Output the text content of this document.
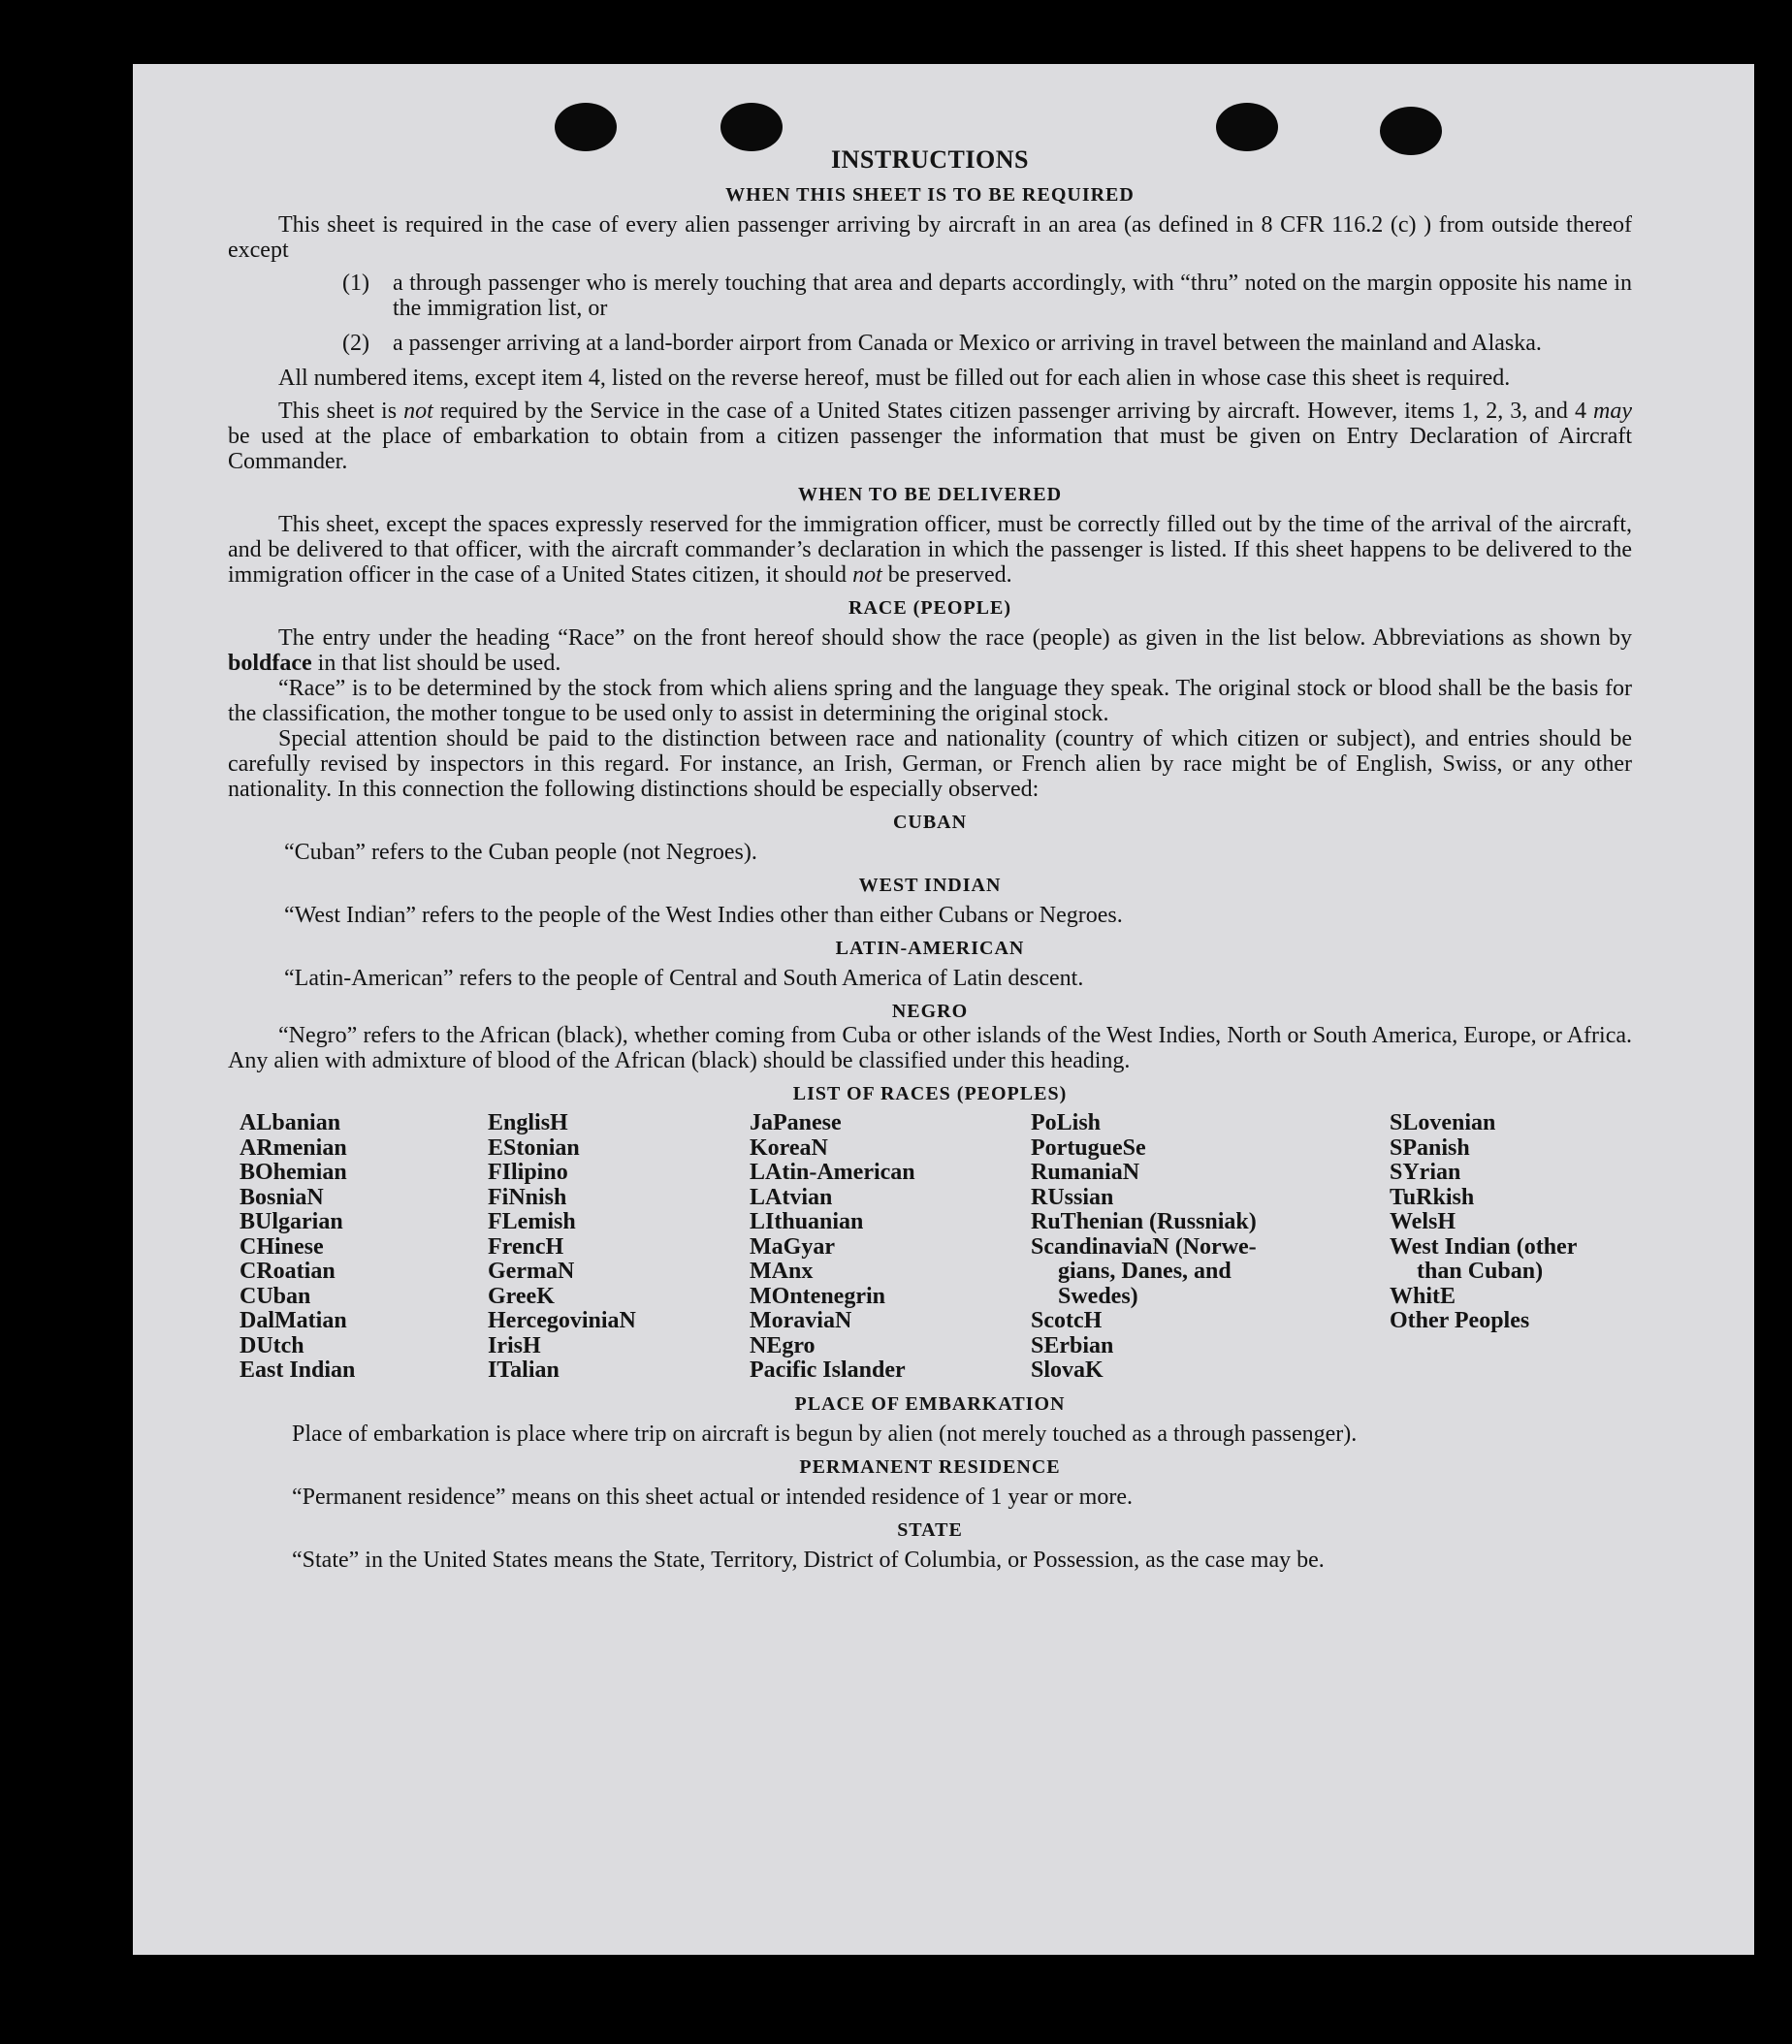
INSTRUCTIONS
WHEN THIS SHEET IS TO BE REQUIRED

This sheet is required in the case of every alien passenger arriving by aircraft in an area (as defined in 8 CFR 116.2 (c) ) from outside thereof except

(1)	a through passenger who is merely touching that area and departs accordingly, with “thru” noted on the margin opposite his name in the immigration list, or
(2)	a passenger arriving at a land-border airport from Canada or Mexico or arriving in travel between the mainland and Alaska.

All numbered items, except item 4, listed on the reverse hereof, must be filled out for each alien in whose case this sheet is required.

This sheet is not required by the Service in the case of a United States citizen passenger arriving by aircraft. However, items 1, 2, 3, and 4 may be used at the place of embarkation to obtain from a citizen passenger the information that must be given on Entry Declaration of Aircraft Commander.

WHEN TO BE DELIVERED

This sheet, except the spaces expressly reserved for the immigration officer, must be correctly filled out by the time of the arrival of the aircraft, and be delivered to that officer, with the aircraft commander’s declaration in which the passenger is listed. If this sheet happens to be delivered to the immigration officer in the case of a United States citizen, it should not be preserved.

RACE (PEOPLE)

The entry under the heading “Race” on the front hereof should show the race (people) as given in the list below. Abbreviations as shown by boldface in that list should be used.

“Race” is to be determined by the stock from which aliens spring and the language they speak. The original stock or blood shall be the basis for the classification, the mother tongue to be used only to assist in determining the original stock.

Special attention should be paid to the distinction between race and nationality (country of which citizen or subject), and entries should be carefully revised by inspectors in this regard. For instance, an Irish, German, or French alien by race might be of English, Swiss, or any other nationality. In this connection the following distinctions should be especially observed:

CUBAN
“Cuban” refers to the Cuban people (not Negroes).
WEST INDIAN
“West Indian” refers to the people of the West Indies other than either Cubans or Negroes.
LATIN-AMERICAN
“Latin-American” refers to the people of Central and South America of Latin descent.
NEGRO

“Negro” refers to the African (black), whether coming from Cuba or other islands of the West Indies, North or South America, Europe, or Africa. Any alien with admixture of blood of the African (black) should be classified under this heading.

LIST OF RACES (PEOPLES)
ALbanian
ARmenian
BOhemian
BosniaN
BUlgarian
CHinese
CRoatian
CUban
DalMatian
DUtch
East Indian
EnglisH
EStonian
FIlipino
FiNnish
FLemish
FrencH
GermaN
GreeK
HercegoviniaN
IrisH
ITalian
JaPanese
KoreaN
LAtin-American
LAtvian
LIthuanian
MaGyar
MAnx
MOntenegrin
MoraviaN
NEgro
Pacific Islander
PoLish
PortugueSe
RumaniaN
RUssian
RuThenian (Russniak)
ScandinaviaN (Norwe-
gians, Danes, and
Swedes)
ScotcH
SErbian
SlovaK
SLovenian
SPanish
SYrian
TuRkish
WelsH
West Indian (other
than Cuban)
WhitE
Other Peoples
PLACE OF EMBARKATION

Place of embarkation is place where trip on aircraft is begun by alien (not merely touched as a through passenger).

PERMANENT RESIDENCE

“Permanent residence” means on this sheet actual or intended residence of 1 year or more.

STATE

“State” in the United States means the State, Territory, District of Columbia, or Possession, as the case may be.
